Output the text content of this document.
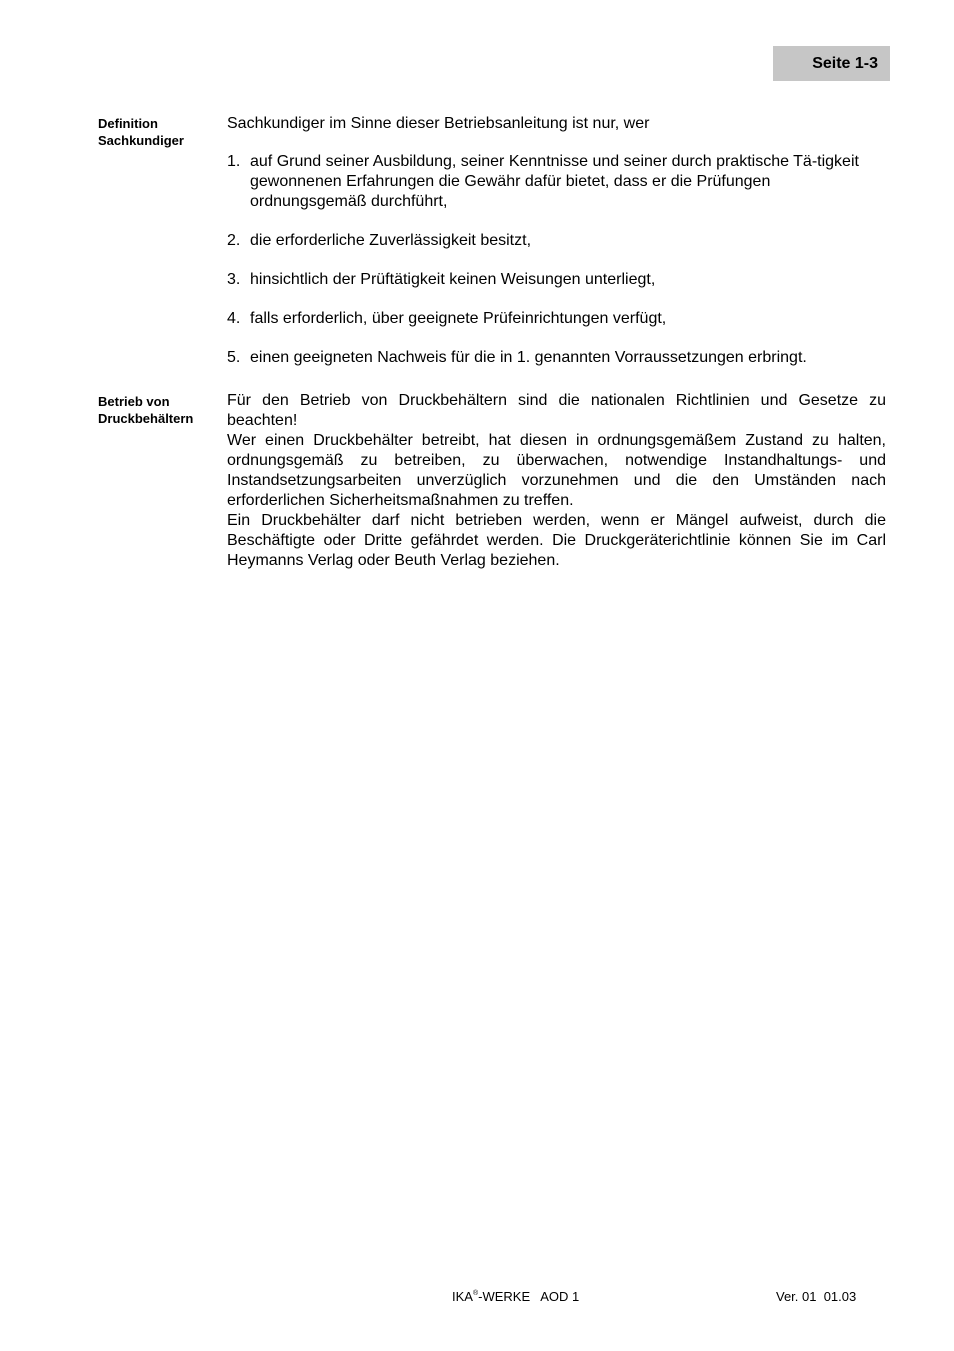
Seite 1-3
Definition
Sachkundiger
Sachkundiger im Sinne dieser Betriebsanleitung ist nur, wer
1. auf Grund seiner Ausbildung, seiner Kenntnisse und seiner durch praktische Tä-tigkeit gewonnenen Erfahrungen die Gewähr dafür bietet, dass er die Prüfungen ordnungsgemäß durchführt,
2. die erforderliche Zuverlässigkeit besitzt,
3. hinsichtlich der Prüftätigkeit keinen Weisungen unterliegt,
4. falls erforderlich, über geeignete Prüfeinrichtungen verfügt,
5. einen geeigneten Nachweis für die in 1. genannten Vorraussetzungen erbringt.
Betrieb von
Druckbehältern

Für den Betrieb von Druckbehältern sind die nationalen Richtlinien und Gesetze zu beachten!

Wer einen Druckbehälter betreibt, hat diesen in ordnungsgemäßem Zustand zu halten, ordnungsgemäß zu betreiben, zu überwachen, notwendige Instandhaltungs- und Instandsetzungsarbeiten unverzüglich vorzunehmen und die den Umständen nach erforderlichen Sicherheitsmaßnahmen zu treffen.

Ein Druckbehälter darf nicht betrieben werden, wenn er Mängel aufweist, durch die Beschäftigte oder Dritte gefährdet werden. Die Druckgeräterichtlinie können Sie im Carl Heymanns Verlag oder Beuth Verlag beziehen.

IKA®-WERKE   AOD 1	Ver. 01  01.03
